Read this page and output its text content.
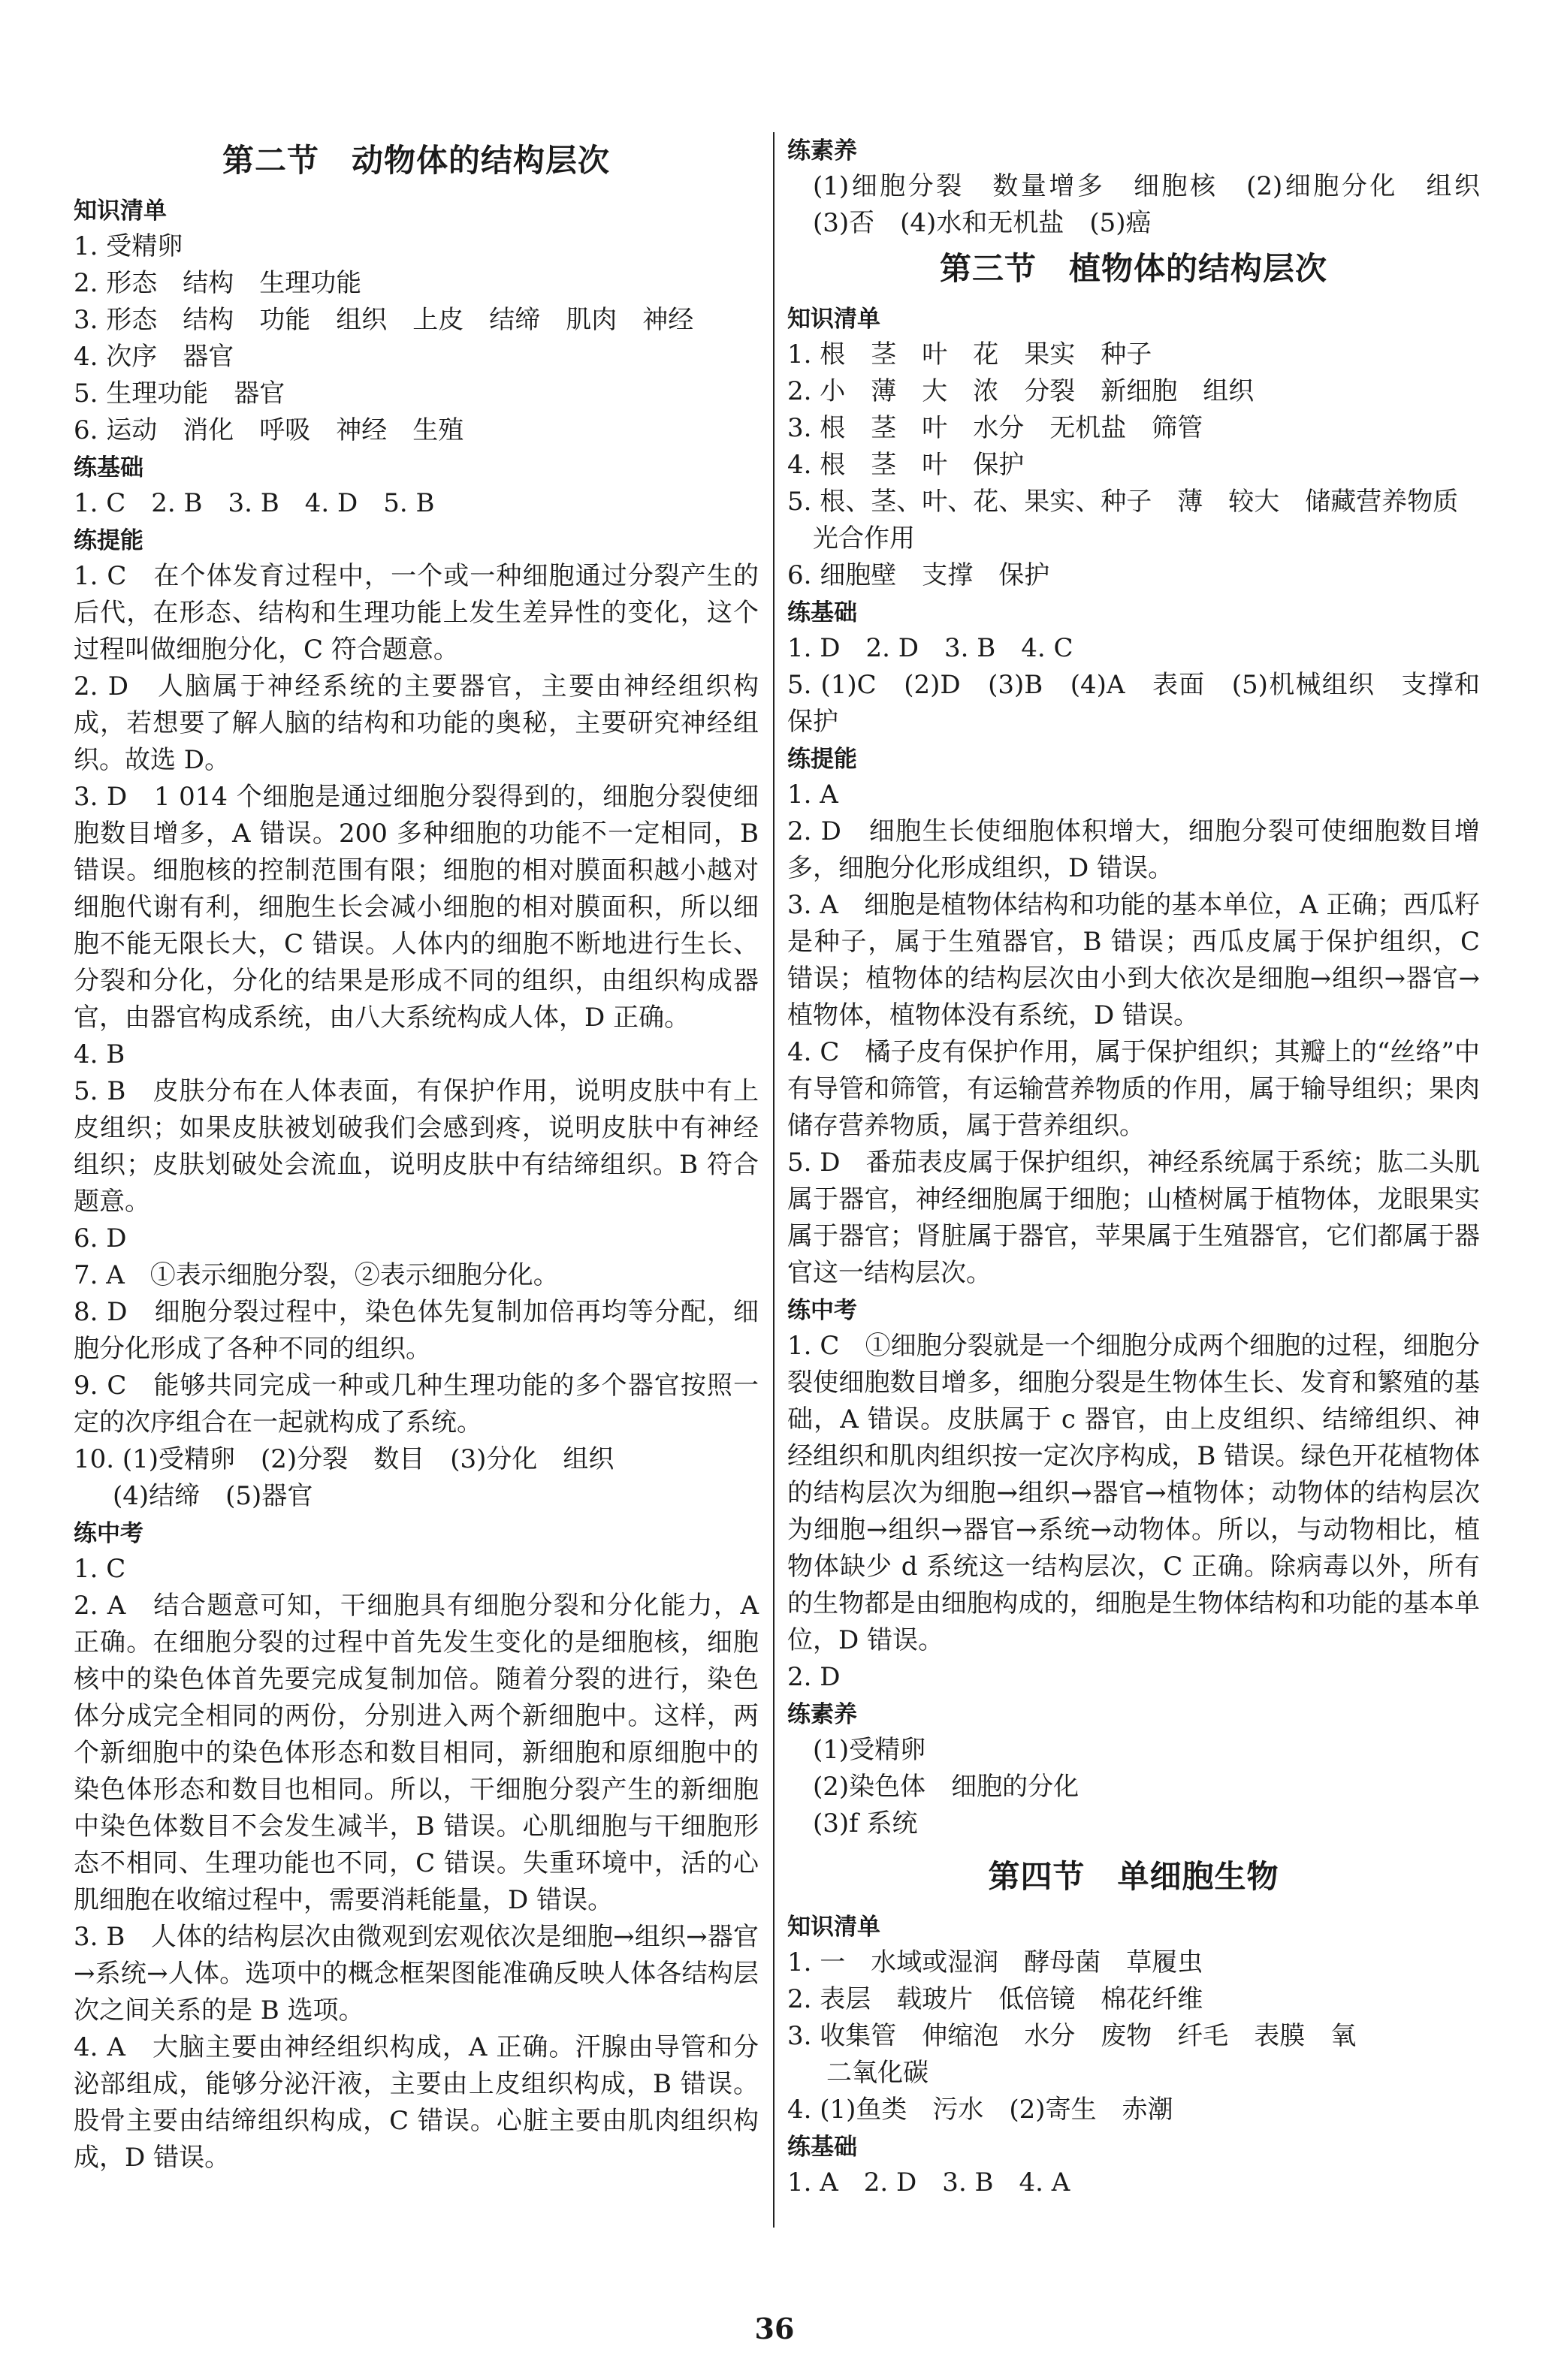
第二节　动物体的结构层次
知识清单
1. 受精卵
2. 形态　结构　生理功能
3. 形态　结构　功能　组织　上皮　结缔　肌肉　神经
4. 次序　器官
5. 生理功能　器官
6. 运动　消化　呼吸　神经　生殖
练基础
1. C　2. B　3. B　4. D　5. B
练提能
1. C　在个体发育过程中，一个或一种细胞通过分裂产生的后代，在形态、结构和生理功能上发生差异性的变化，这个过程叫做细胞分化，C 符合题意。
2. D　人脑属于神经系统的主要器官，主要由神经组织构成，若想要了解人脑的结构和功能的奥秘，主要研究神经组织。故选 D。
3. D　1 014 个细胞是通过细胞分裂得到的，细胞分裂使细胞数目增多，A 错误。200 多种细胞的功能不一定相同，B 错误。细胞核的控制范围有限；细胞的相对膜面积越小越对细胞代谢有利，细胞生长会减小细胞的相对膜面积，所以细胞不能无限长大，C 错误。人体内的细胞不断地进行生长、分裂和分化，分化的结果是形成不同的组织，由组织构成器官，由器官构成系统，由八大系统构成人体，D 正确。
4. B
5. B　皮肤分布在人体表面，有保护作用，说明皮肤中有上皮组织；如果皮肤被划破我们会感到疼，说明皮肤中有神经组织；皮肤划破处会流血，说明皮肤中有结缔组织。B 符合题意。
6. D
7. A　①表示细胞分裂，②表示细胞分化。
8. D　细胞分裂过程中，染色体先复制加倍再均等分配，细胞分化形成了各种不同的组织。
9. C　能够共同完成一种或几种生理功能的多个器官按照一定的次序组合在一起就构成了系统。
10. (1)受精卵　(2)分裂　数目　(3)分化　组织
(4)结缔　(5)器官
练中考
1. C
2. A　结合题意可知，干细胞具有细胞分裂和分化能力，A 正确。在细胞分裂的过程中首先发生变化的是细胞核，细胞核中的染色体首先要完成复制加倍。随着分裂的进行，染色体分成完全相同的两份，分别进入两个新细胞中。这样，两个新细胞中的染色体形态和数目相同，新细胞和原细胞中的染色体形态和数目也相同。所以，干细胞分裂产生的新细胞中染色体数目不会发生减半，B 错误。心肌细胞与干细胞形态不相同、生理功能也不同，C 错误。失重环境中，活的心肌细胞在收缩过程中，需要消耗能量，D 错误。
3. B　人体的结构层次由微观到宏观依次是细胞→组织→器官→系统→人体。选项中的概念框架图能准确反映人体各结构层次之间关系的是 B 选项。
4. A　大脑主要由神经组织构成，A 正确。汗腺由导管和分泌部组成，能够分泌汗液，主要由上皮组织构成，B 错误。股骨主要由结缔组织构成，C 错误。心脏主要由肌肉组织构成，D 错误。
练素养
(1)细胞分裂　数量增多　细胞核　(2)细胞分化　组织　(3)否　(4)水和无机盐　(5)癌
第三节　植物体的结构层次
知识清单
1. 根　茎　叶　花　果实　种子
2. 小　薄　大　浓　分裂　新细胞　组织
3. 根　茎　叶　水分　无机盐　筛管
4. 根　茎　叶　保护
5. 根、茎、叶、花、果实、种子　薄　较大　储藏营养物质
光合作用
6. 细胞壁　支撑　保护
练基础
1. D　2. D　3. B　4. C
5. (1)C　(2)D　(3)B　(4)A　表面　(5)机械组织　支撑和保护
练提能
1. A
2. D　细胞生长使细胞体积增大，细胞分裂可使细胞数目增多，细胞分化形成组织，D 错误。
3. A　细胞是植物体结构和功能的基本单位，A 正确；西瓜籽是种子，属于生殖器官，B 错误；西瓜皮属于保护组织，C 错误；植物体的结构层次由小到大依次是细胞→组织→器官→植物体，植物体没有系统，D 错误。
4. C　橘子皮有保护作用，属于保护组织；其瓣上的“丝络”中有导管和筛管，有运输营养物质的作用，属于输导组织；果肉储存营养物质，属于营养组织。
5. D　番茄表皮属于保护组织，神经系统属于系统；肱二头肌属于器官，神经细胞属于细胞；山楂树属于植物体，龙眼果实属于器官；肾脏属于器官，苹果属于生殖器官，它们都属于器官这一结构层次。
练中考
1. C　①细胞分裂就是一个细胞分成两个细胞的过程，细胞分裂使细胞数目增多，细胞分裂是生物体生长、发育和繁殖的基础，A 错误。皮肤属于 c 器官，由上皮组织、结缔组织、神经组织和肌肉组织按一定次序构成，B 错误。绿色开花植物体的结构层次为细胞→组织→器官→植物体；动物体的结构层次为细胞→组织→器官→系统→动物体。所以，与动物相比，植物体缺少 d 系统这一结构层次，C 正确。除病毒以外，所有的生物都是由细胞构成的，细胞是生物体结构和功能的基本单位，D 错误。
2. D
练素养
(1)受精卵
(2)染色体　细胞的分化
(3)f 系统
第四节　单细胞生物
知识清单
1. 一　水域或湿润　酵母菌　草履虫
2. 表层　载玻片　低倍镜　棉花纤维
3. 收集管　伸缩泡　水分　废物　纤毛　表膜　氧
二氧化碳
4. (1)鱼类　污水　(2)寄生　赤潮
练基础
1. A　2. D　3. B　4. A
36
